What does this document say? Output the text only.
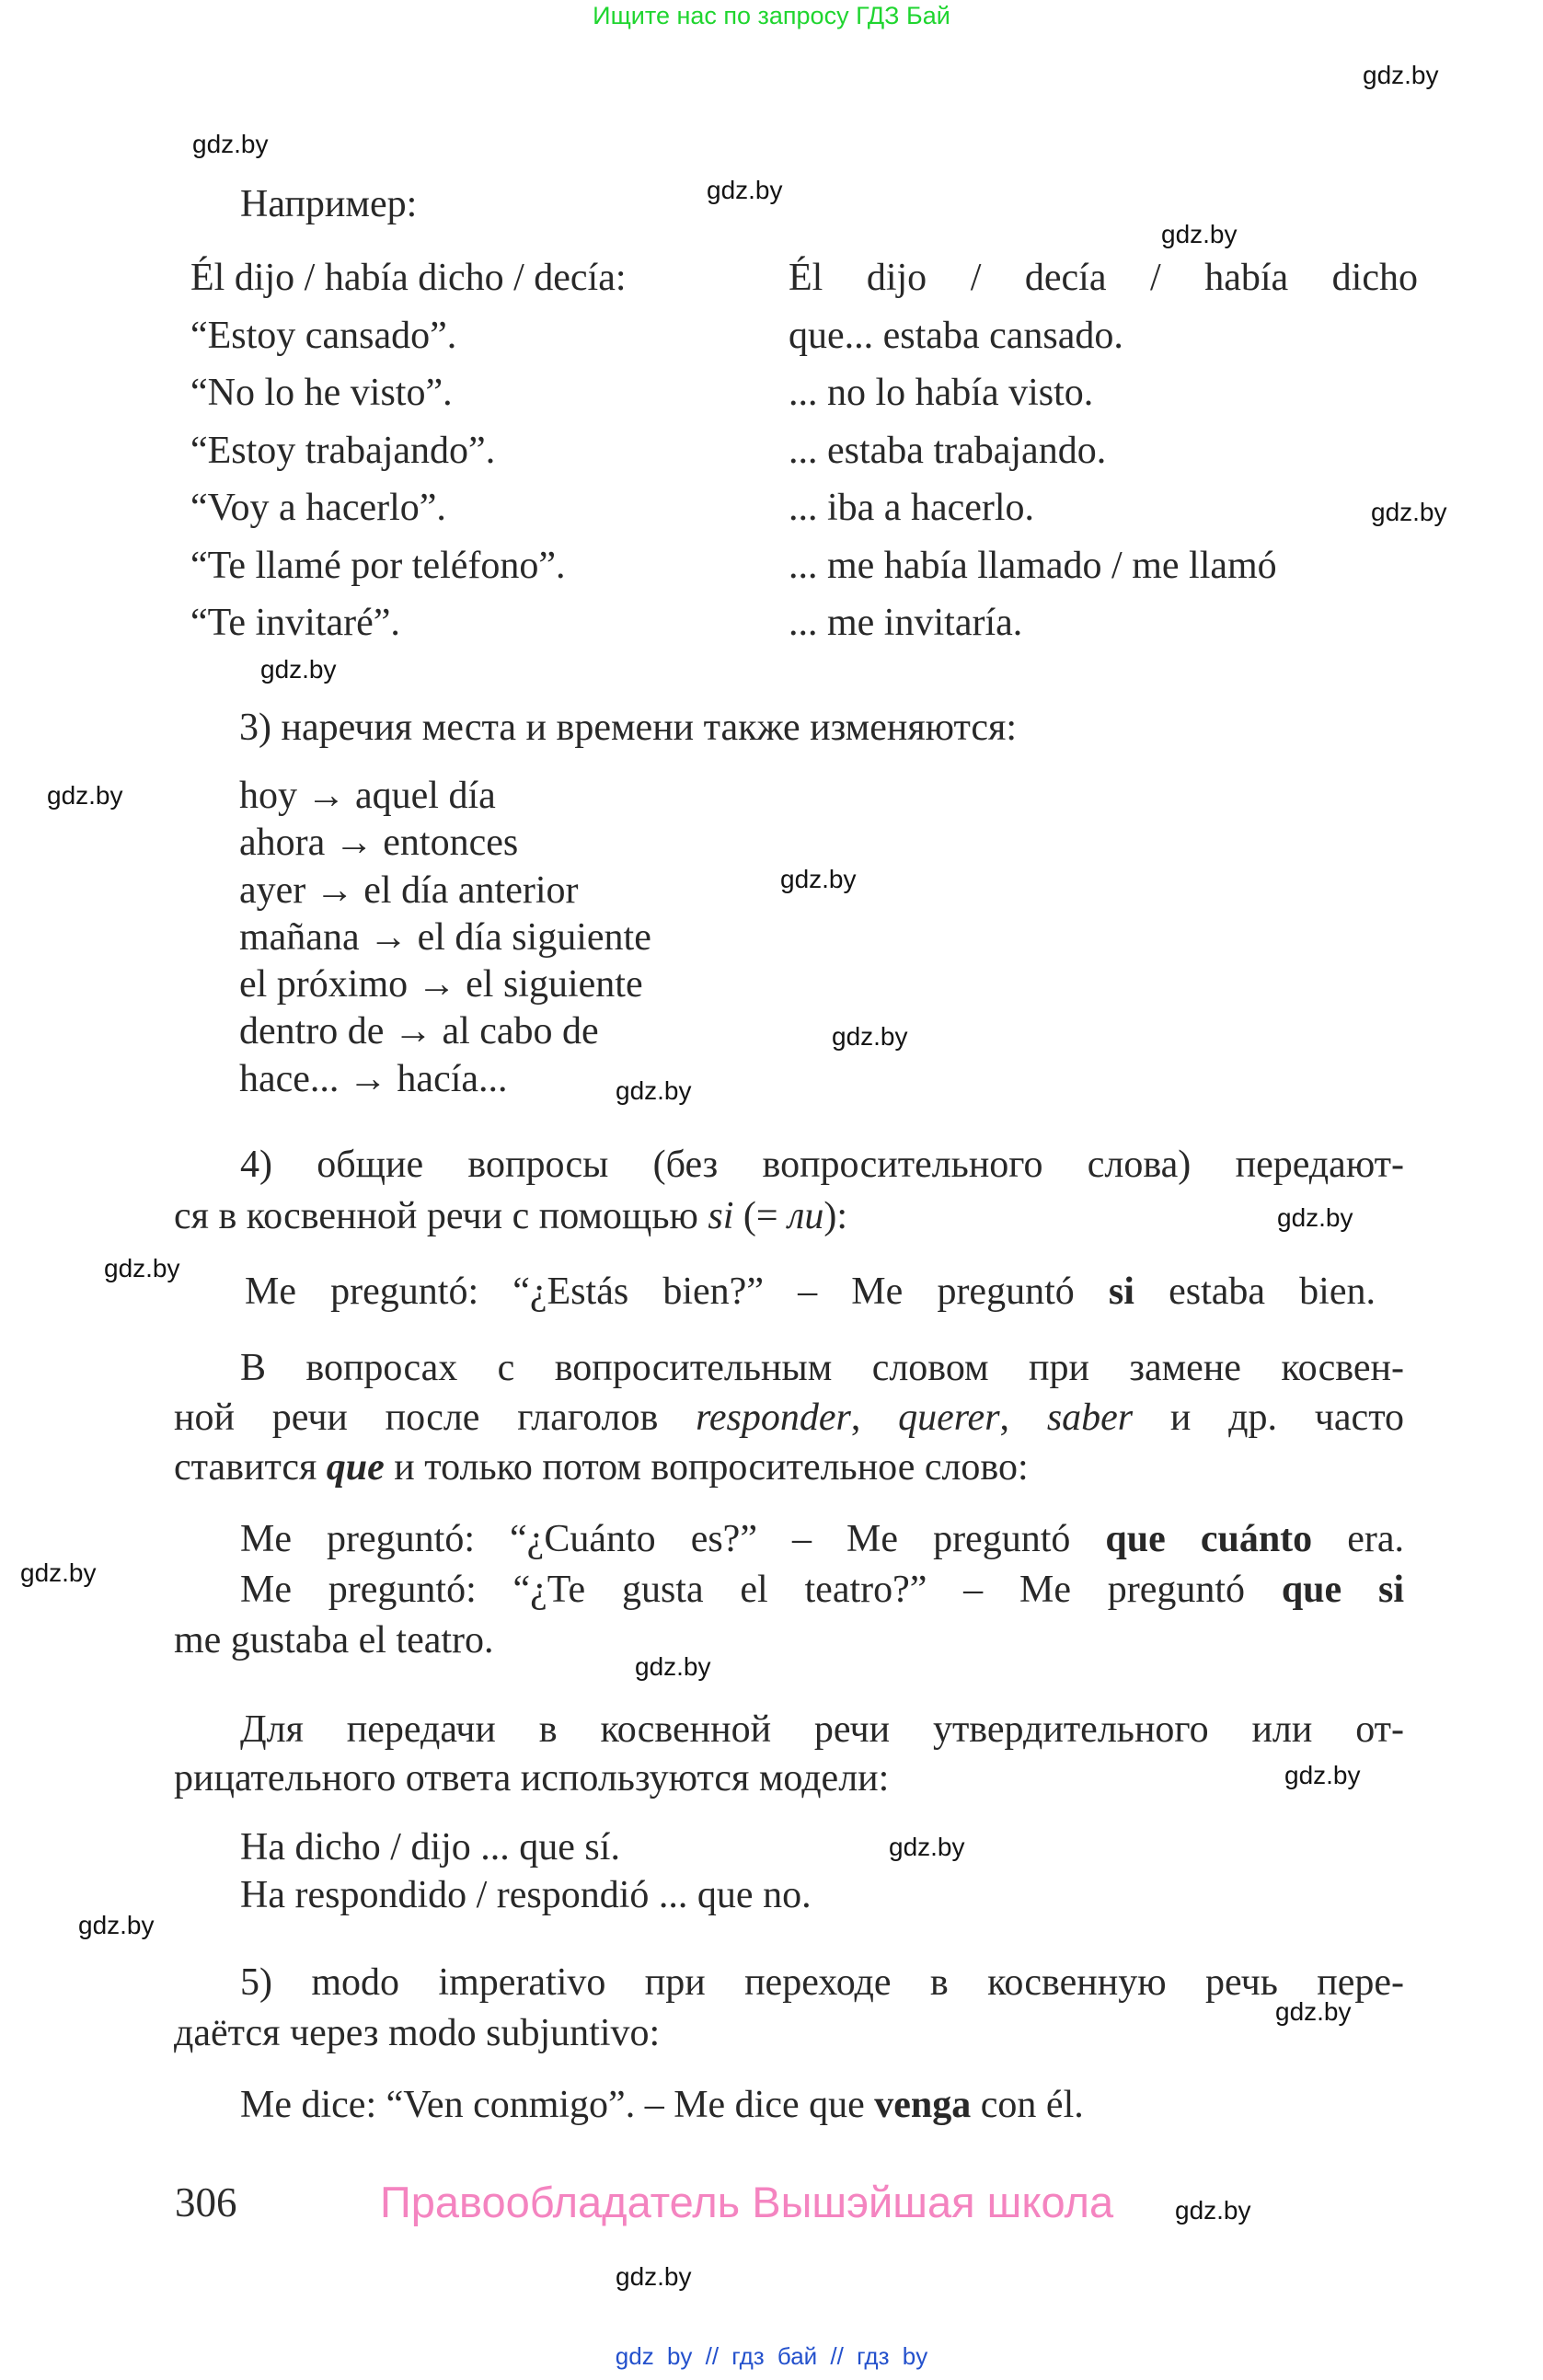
Ищите нас по запросу ГДЗ Бай
gdz.by
gdz.by
gdz.by
gdz.by
gdz.by
gdz.by
gdz.by
gdz.by
gdz.by
gdz.by
gdz.by
gdz.by
gdz.by
gdz.by
gdz.by
gdz.by
gdz.by
gdz.by
gdz.by
gdz.by
Например:
Él dijo / había dicho / decía:
“Estoy cansado”.
“No lo he visto”.
“Estoy trabajando”.
“Voy a hacerlo”.
“Te llamé por teléfono”.
“Te invitaré”.
Él dijo / decía / había dicho
que... estaba cansado.
... no lo había visto.
... estaba trabajando.
... iba a hacerlo.
... me había llamado / me llamó
... me invitaría.
3) наречия места и времени также изменяются:
hoy → aquel día
ahora → entonces
ayer → el día anterior
mañana → el día siguiente
el próximo → el siguiente
dentro de → al cabo de
hace... → hacía...
4) общие вопросы (без вопросительного слова) передают-
ся в косвенной речи с помощью si (= ли):
Me preguntó: “¿Estás bien?” – Me preguntó si estaba bien.
В вопросах с вопросительным словом при замене косвен-
ной речи после глаголов responder, querer, saber и др. часто
ставится que и только потом вопросительное слово:
Me preguntó: “¿Cuánto es?” – Me preguntó que cuánto era.
Me preguntó: “¿Te gusta el teatro?” – Me preguntó que si
me gustaba el teatro.
Для передачи в косвенной речи утвердительного или от-
рицательного ответа используются модели:
Ha dicho / dijo ... que sí.
Ha respondido / respondió ... que no.
5) modo imperativo при переходе в косвенную речь пере-
даётся через modo subjuntivo:
Me dice: “Ven conmigo”. – Me dice que venga con él.
306	Правообладатель Вышэйшая школа
gdz by // гдз бай // гдз by
